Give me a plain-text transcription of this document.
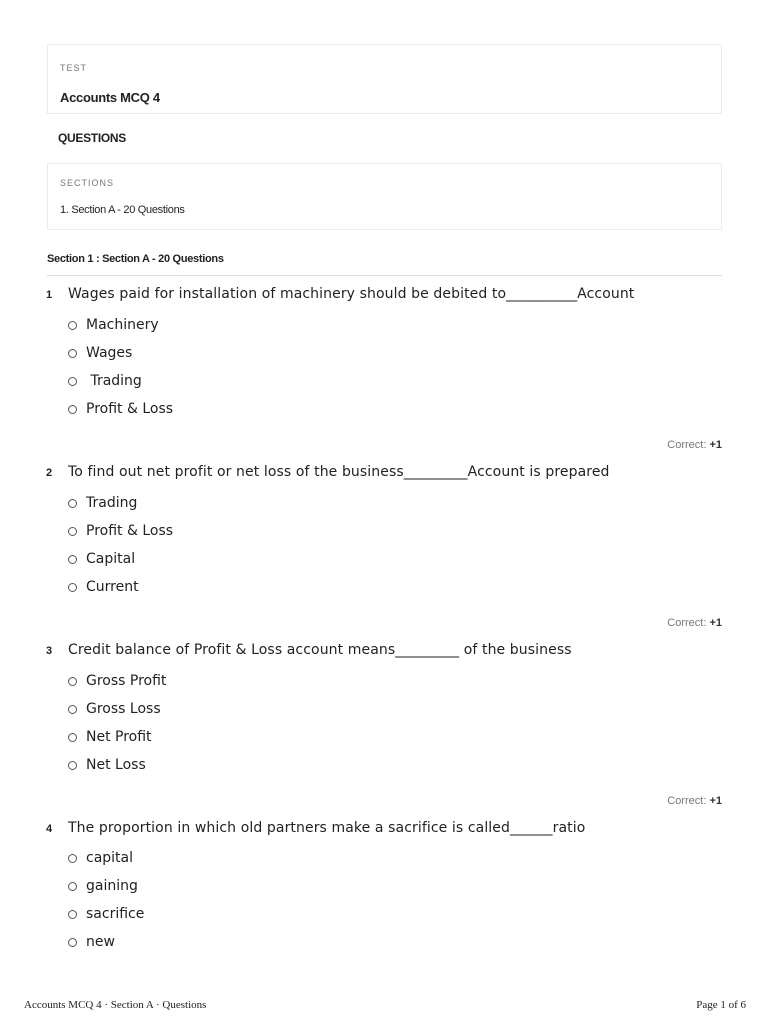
TEST
Accounts MCQ 4
QUESTIONS
SECTIONS
1. Section A - 20 Questions
Section 1 : Section A - 20 Questions
1 Wages paid for installation of machinery should be debited to__________Account
Machinery
Wages
Trading
Profit & Loss
Correct: +1
2 To find out net profit or net loss of the business_________Account is prepared
Trading
Profit & Loss
Capital
Current
Correct: +1
3 Credit balance of Profit & Loss account means_________ of the business
Gross Profit
Gross Loss
Net Profit
Net Loss
Correct: +1
4 The proportion in which old partners make a sacrifice is called______ratio
capital
gaining
sacrifice
new
Accounts MCQ 4 · Section A · Questions	Page 1 of 6
